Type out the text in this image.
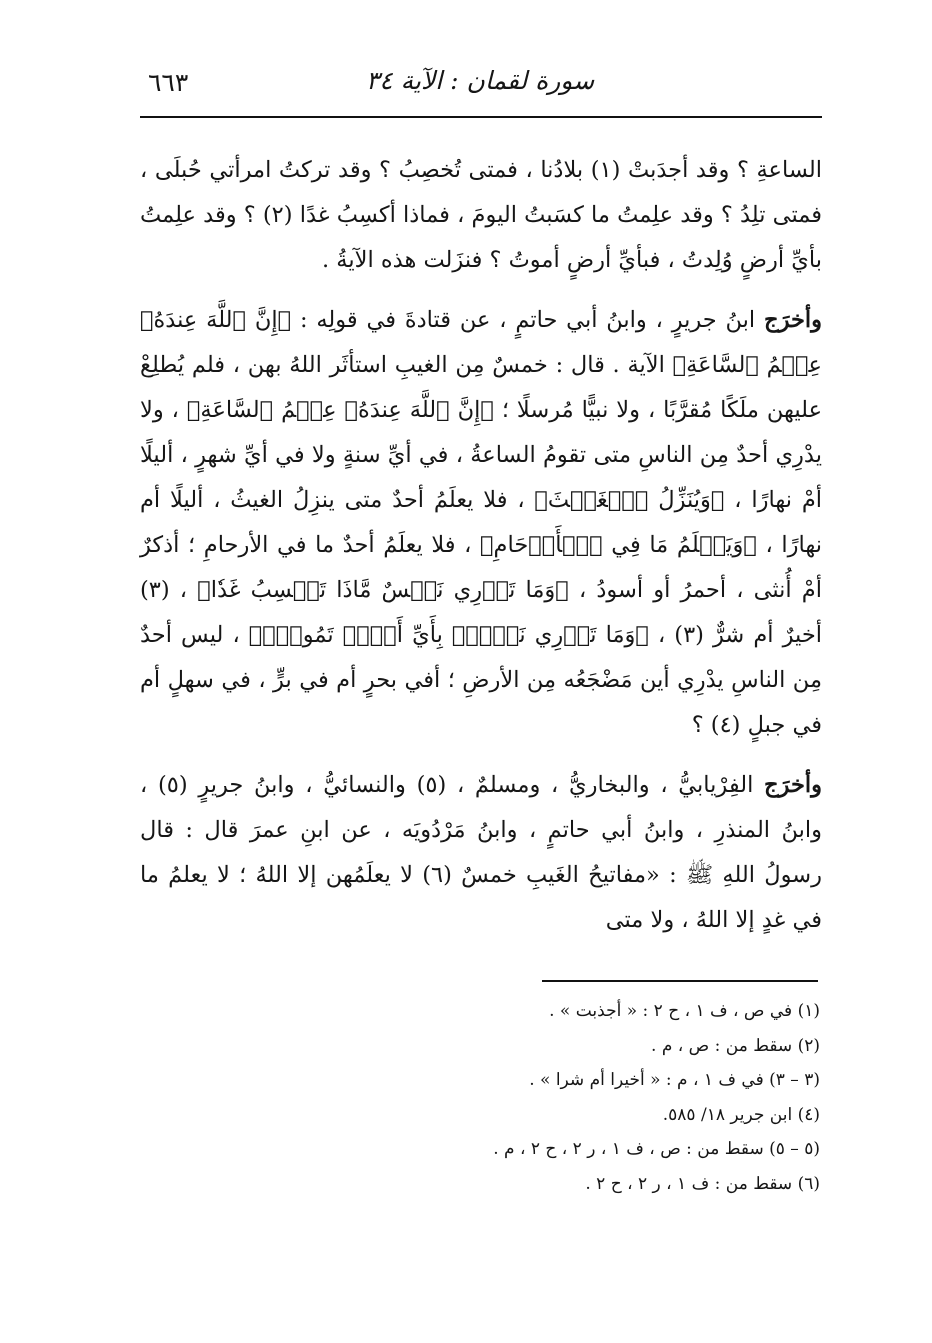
٦٦٣	سورة لقمان : الآية ٣٤

الساعةِ ؟ وقد أجدَبتْ (١) بلادُنا ، فمتى تُخصِبُ ؟ وقد تركتُ امرأتي حُبلَى ، فمتى تلِدُ ؟ وقد علِمتُ ما كسَبتُ اليومَ ، فماذا أكسِبُ غدًا (٢) ؟ وقد علِمتُ بأيِّ أرضٍ وُلِدتُ ، فبأيِّ أرضٍ أموتُ ؟ فنزَلت هذه الآيةُ .

وأخرَج ابنُ جريرٍ ، وابنُ أبي حاتمٍ ، عن قتادةَ في قولِه : ﴿إِنَّ ٱللَّهَ عِندَهُۥ عِلۡمُ ٱلسَّاعَةِ﴾ الآية . قال : خمسٌ مِن الغيبِ استأثَر اللهُ بهن ، فلم يُطلِعْ عليهن ملَكًا مُقرَّبًا ، ولا نبيًّا مُرسلًا ؛ ﴿إِنَّ ٱللَّهَ عِندَهُۥ عِلۡمُ ٱلسَّاعَةِ﴾ ، ولا يدْرِي أحدٌ مِن الناسِ متى تقومُ الساعةُ ، في أيِّ سنةٍ ولا في أيِّ شهرٍ ، أليلًا أمْ نهارًا ، ﴿وَيُنَزِّلُ ٱلۡغَيۡثَ﴾ ، فلا يعلَمُ أحدٌ متى ينزِلُ الغيثُ ، أليلًا أم نهارًا ، ﴿وَيَعۡلَمُ مَا فِي ٱلۡأَرۡحَامِ﴾ ، فلا يعلَمُ أحدٌ ما في الأرحامِ ؛ أذكرٌ أمْ أُنثى ، أحمرُ أو أسودُ ، ﴿وَمَا تَدۡرِي نَفۡسٌ مَّاذَا تَكۡسِبُ غَدٗا﴾ ، (٣) أخيرٌ أم شرٌّ (٣) ، ﴿وَمَا تَدۡرِي نَفۡسُۢ بِأَيِّ أَرۡضٖ تَمُوتُۚ﴾ ، ليس أحدٌ مِن الناسِ يدْرِي أين مَضْجَعُه مِن الأرضِ ؛ أفي بحرٍ أم في برٍّ ، في سهلٍ أم في جبلٍ (٤) ؟

وأخرَج الفِرْيابيُّ ، والبخاريُّ ، ومسلمٌ ، (٥) والنسائيُّ ، وابنُ جريرٍ (٥) ، وابنُ المنذرِ ، وابنُ أبي حاتمٍ ، وابنُ مَرْدُويَه ، عن ابنِ عمرَ قال : قال رسولُ اللهِ ﷺ : «مفاتيحُ الغَيبِ خمسٌ (٦) لا يعلَمُهن إلا اللهُ ؛ لا يعلمُ ما في غدٍ إلا اللهُ ، ولا متى

(١) في ص ، ف ١ ، ح ٢ : « أجذبت » .
(٢) سقط من : ص ، م .
(٣ – ٣) في ف ١ ، م : « أخيرا أم شرا » .
(٤) ابن جرير ١٨/ ٥٨٥.
(٥ – ٥) سقط من : ص ، ف ١ ، ر ٢ ، ح ٢ ، م .
(٦) سقط من : ف ١ ، ر ٢ ، ح ٢ .
